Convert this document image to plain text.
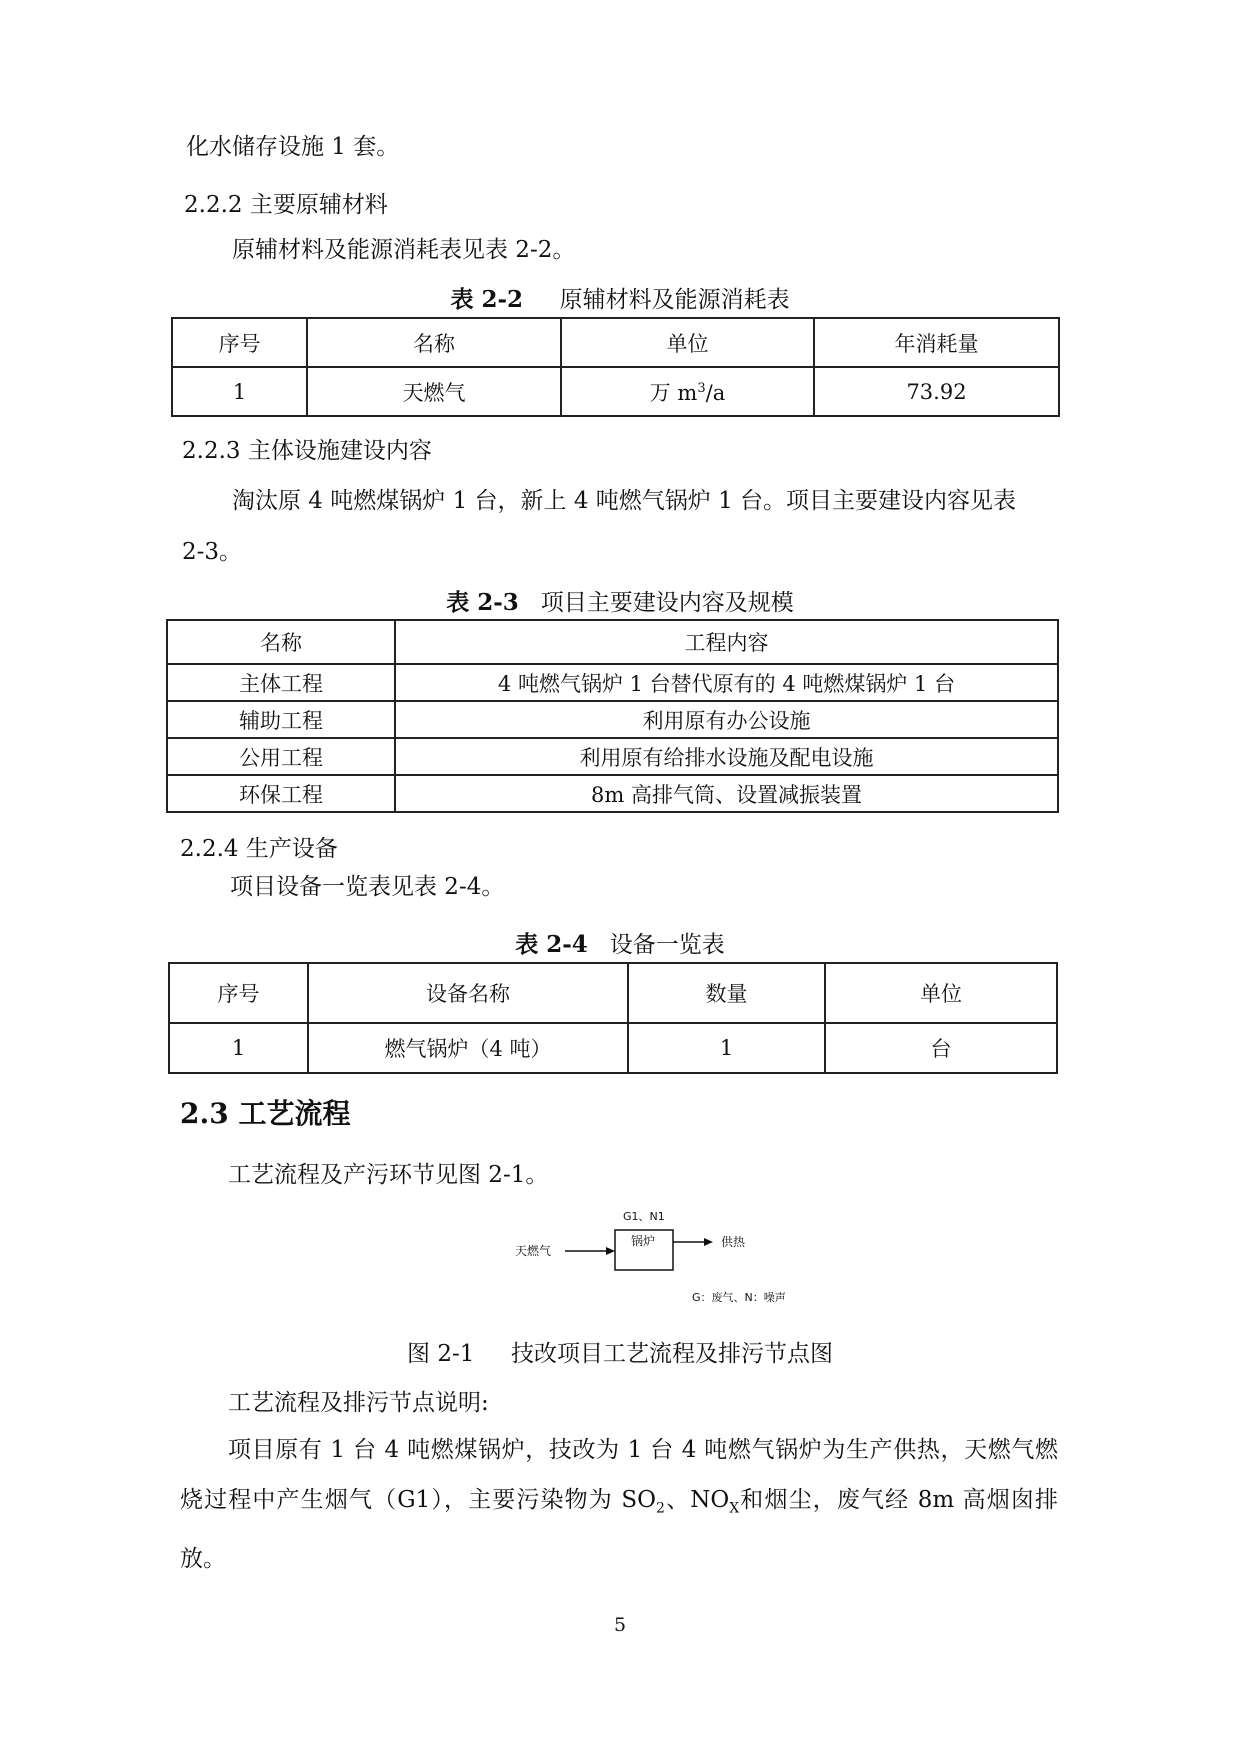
化水储存设施 1 套。

2.2.2 主要原辅材料

原辅材料及能源消耗表见表 2-2。

表 2-2 原辅材料及能源消耗表
序号	名称	单位	年消耗量
1	天燃气	万 $m^3/a$	73.92

2.2.3 主体设施建设内容

淘汰原 4 吨燃煤锅炉 1 台，新上 4 吨燃气锅炉 1 台。项目主要建设内容见表

2-3。

表 2-3 项目主要建设内容及规模
名称	工程内容
主体工程	4 吨燃气锅炉 1 台替代原有的 4 吨燃煤锅炉 1 台
辅助工程	利用原有办公设施
公用工程	利用原有给排水设施及配电设施
环保工程	8m 高排气筒、设置减振装置

2.2.4 生产设备

项目设备一览表见表 2-4。

表 2-4 设备一览表
序号	设备名称	数量	单位
1	燃气锅炉（4 吨）	1	台
2.3 工艺流程

工艺流程及产污环节见图 2-1。

天燃气
G1、N1
锅炉	供热
G：废气、N：噪声
图 2-1 技改项目工艺流程及排污节点图

工艺流程及排污节点说明:

项目原有 1 台 4 吨燃煤锅炉，技改为 1 台 4 吨燃气锅炉为生产供热，天燃气燃烧过程中产生烟气（G1），主要污染物为 $SO_2$、$NO_X$和烟尘，废气经 8m 高烟囱排放。

5
